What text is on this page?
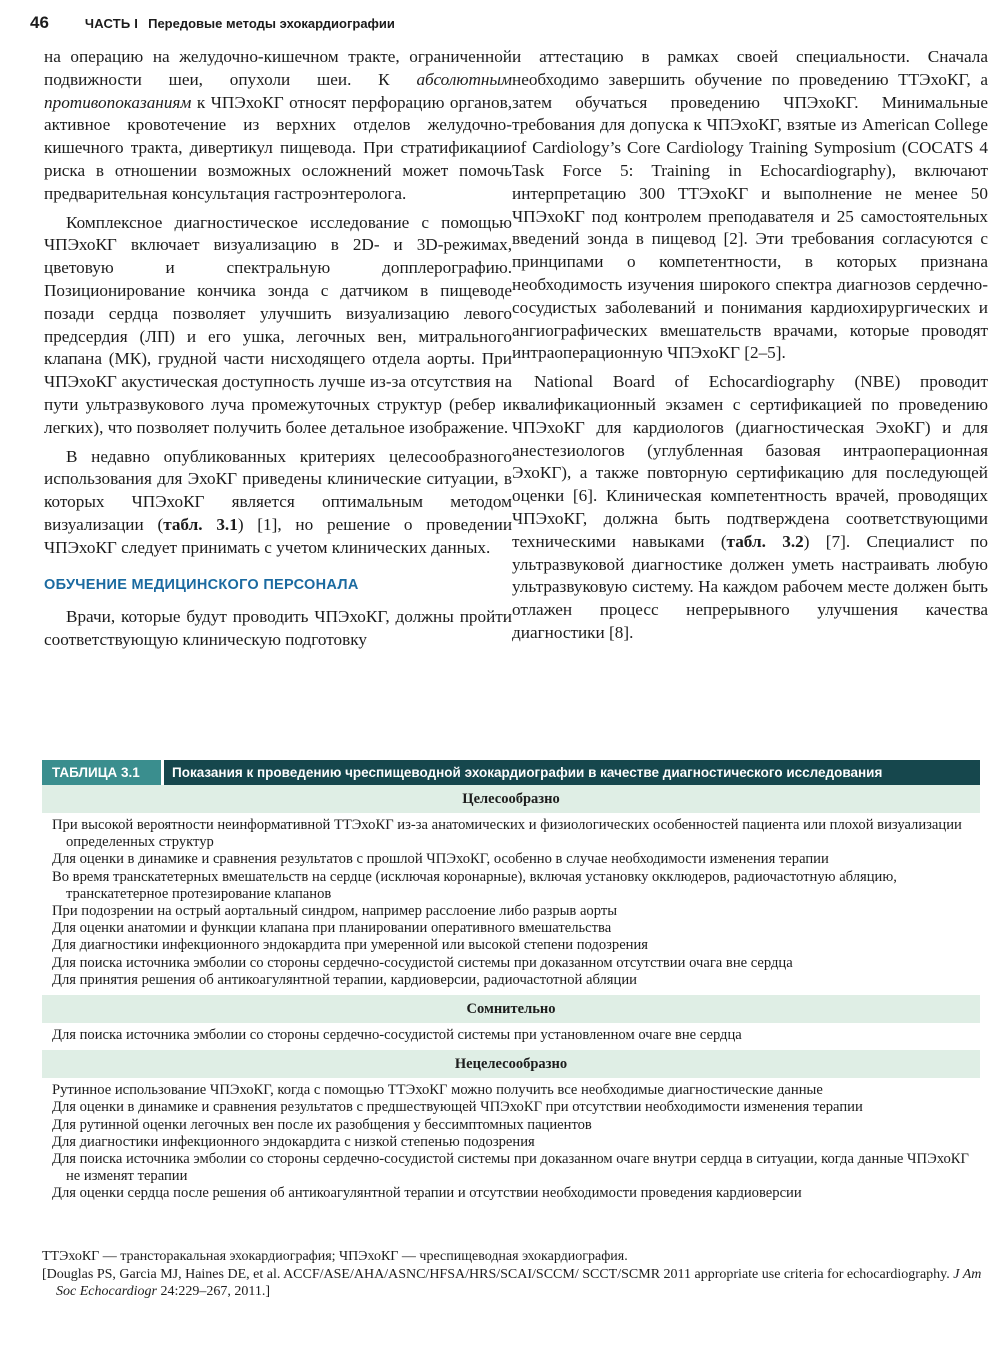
46	ЧАСТЬ I Передовые методы эхокардиографии

на операцию на желудочно-кишечном тракте, ограниченной подвижности шеи, опухоли шеи. К абсолютным противопоказаниям к ЧПЭхоКГ относят перфорацию органов, активное кровотечение из верхних отделов желудочно-кишечного тракта, дивертикул пищевода. При стратификации риска в отношении возможных осложнений может помочь предварительная консультация гастроэнтеролога.

Комплексное диагностическое исследование с помощью ЧПЭхоКГ включает визуализацию в 2D- и 3D-режимах, цветовую и спектральную допплерографию. Позиционирование кончика зонда с датчиком в пищеводе позади сердца позволяет улучшить визуализацию левого предсердия (ЛП) и его ушка, легочных вен, митрального клапана (МК), грудной части нисходящего отдела аорты. При ЧПЭхоКГ акустическая доступность лучше из-за отсутствия на пути ультразвукового луча промежуточных структур (ребер и легких), что позволяет получить более детальное изображение.

В недавно опубликованных критериях целесообразного использования для ЭхоКГ приведены клинические ситуации, в которых ЧПЭхоКГ является оптимальным методом визуализации (табл. 3.1) [1], но решение о проведении ЧПЭхоКГ следует принимать с учетом клинических данных.

ОБУЧЕНИЕ МЕДИЦИНСКОГО ПЕРСОНАЛА

Врачи, которые будут проводить ЧПЭхоКГ, должны пройти соответствующую клиническую подготовку

и аттестацию в рамках своей специальности. Сначала необходимо завершить обучение по проведению ТТЭхоКГ, а затем обучаться проведению ЧПЭхоКГ. Минимальные требования для допуска к ЧПЭхоКГ, взятые из American College of Cardiology’s Core Cardiology Training Symposium (COCATS 4 Task Force 5: Training in Echocardiography), включают интерпретацию 300 ТТЭхоКГ и выполнение не менее 50 ЧПЭхоКГ под контролем преподавателя и 25 самостоятельных введений зонда в пищевод [2]. Эти требования согласуются с принципами о компетентности, в которых признана необходимость изучения широкого спектра диагнозов сердечно-сосудистых заболеваний и понимания кардиохирургических и ангиографических вмешательств врачами, которые проводят интраоперационную ЧПЭхоКГ [2–5].

National Board of Echocardiography (NBE) проводит квалификационный экзамен с сертификацией по проведению ЧПЭхоКГ для кардиологов (диагностическая ЭхоКГ) и для анестезиологов (углубленная базовая интраоперационная ЭхоКГ), а также повторную сертификацию для последующей оценки [6]. Клиническая компетентность врачей, проводящих ЧПЭхоКГ, должна быть подтверждена соответствующими техническими навыками (табл. 3.2) [7]. Специалист по ультразвуковой диагностике должен уметь настраивать любую ультразвуковую систему. На каждом рабочем месте должен быть отлажен процесс непрерывного улучшения качества диагностики [8].

ТАБЛИЦА 3.1	Показания к проведению чреспищеводной эхокардиографии в качестве диагностического исследования
Целесообразно

При высокой вероятности неинформативной ТТЭхоКГ из-за анатомических и физиологических особенностей пациента или плохой визуализации определенных структур

Для оценки в динамике и сравнения результатов с прошлой ЧПЭхоКГ, особенно в случае необходимости изменения терапии

Во время транскатетерных вмешательств на сердце (исключая коронарные), включая установку окклюдеров, радиочастотную абляцию, транскатетерное протезирование клапанов

При подозрении на острый аортальный синдром, например расслоение либо разрыв аорты

Для оценки анатомии и функции клапана при планировании оперативного вмешательства

Для диагностики инфекционного эндокардита при умеренной или высокой степени подозрения

Для поиска источника эмболии со стороны сердечно-сосудистой системы при доказанном отсутствии очага вне сердца

Для принятия решения об антикоагулянтной терапии, кардиоверсии, радиочастотной абляции

Сомнительно

Для поиска источника эмболии со стороны сердечно-сосудистой системы при установленном очаге вне сердца

Нецелесообразно

Рутинное использование ЧПЭхоКГ, когда с помощью ТТЭхоКГ можно получить все необходимые диагностические данные

Для оценки в динамике и сравнения результатов с предшествующей ЧПЭхоКГ при отсутствии необходимости изменения терапии

Для рутинной оценки легочных вен после их разобщения у бессимптомных пациентов

Для диагностики инфекционного эндокардита с низкой степенью подозрения

Для поиска источника эмболии со стороны сердечно-сосудистой системы при доказанном очаге внутри сердца в ситуации, когда данные ЧПЭхоКГ не изменят терапии

Для оценки сердца после решения об антикоагулянтной терапии и отсутствии необходимости проведения кардиоверсии

ТТЭхоКГ — трансторакальная эхокардиография; ЧПЭхоКГ — чреспищеводная эхокардиография.

[Douglas PS, Garcia MJ, Haines DE, et al. ACCF/ASE/AHA/ASNC/HFSA/HRS/SCAI/SCCM/ SCCT/SCMR 2011 appropriate use criteria for echocardiography. J Am Soc Echocardiogr 24:229–267, 2011.]
